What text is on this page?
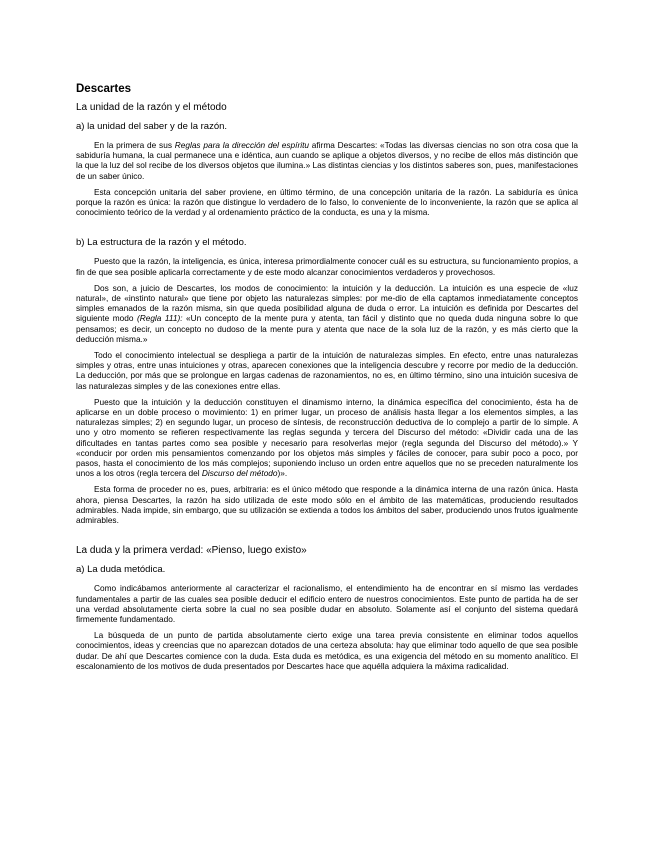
Descartes
La unidad de la razón y el método
a) la unidad del saber y de la razón.

En la primera de sus Reglas para la dirección del espíritu afirma Descartes: «Todas las diversas ciencias no son otra cosa que la sabiduría humana, la cual permanece una e idéntica, aun cuando se aplique a objetos diversos, y no recibe de ellos más distinción que la que la luz del sol recibe de los diversos objetos que ilumina.» Las distintas ciencias y los distintos saberes son, pues, manifestaciones de un saber único.

Esta concepción unitaria del saber proviene, en último término, de una concepción unitaria de la razón. La sabiduría es única porque la razón es única: la razón que distingue lo verdadero de lo falso, lo conveniente de lo inconveniente, la razón que se aplica al conocimiento teórico de la verdad y al ordenamiento práctico de la conducta, es una y la misma.

b) La estructura de la razón y el método.

Puesto que la razón, la inteligencia, es única, interesa primordialmente conocer cuál es su estructura, su funcionamiento propios, a fin de que sea posible aplicarla correctamente y de este modo alcanzar conocimientos verdaderos y provechosos.

Dos son, a juicio de Descartes, los modos de conocimiento: la intuición y la deducción. La intuición es una especie de «luz natural», de «instinto natural» que tiene por objeto las naturalezas simples: por me-dio de ella captamos inmediatamente conceptos simples emanados de la razón misma, sin que queda posibilidad alguna de duda o error. La intuición es definida por Descartes del siguiente modo (Regla 111): «Un concepto de la mente pura y atenta, tan fácil y distinto que no queda duda ninguna sobre lo que pensamos; es decir, un concepto no dudoso de la mente pura y atenta que nace de la sola luz de la razón, y es más cierto que la deducción misma.»

Todo el conocimiento intelectual se despliega a partir de la intuición de naturalezas simples. En efecto, entre unas naturalezas simples y otras, entre unas intuiciones y otras, aparecen conexiones que la inteligencia descubre y recorre por medio de la deducción. La deducción, por más que se prolongue en largas cadenas de razonamientos, no es, en último término, sino una intuición sucesiva de las naturalezas simples y de las conexiones entre ellas.

Puesto que la intuición y la deducción constituyen el dinamismo interno, la dinámica específica del conocimiento, ésta ha de aplicarse en un doble proceso o movimiento: 1) en primer lugar, un proceso de análisis hasta llegar a los elementos simples, a las naturalezas simples; 2) en segundo lugar, un proceso de síntesis, de reconstrucción deductiva de lo complejo a partir de lo simple. A uno y otro momento se refieren respectivamente las reglas segunda y tercera del Discurso del método: «Dividir cada una de las dificultades en tantas partes como sea posible y necesario para resolverlas mejor (regla segunda del Discurso del método).» Y «conducir por orden mis pensamientos comenzando por los objetos más simples y fáciles de conocer, para subir poco a poco, por pasos, hasta el conocimiento de los más complejos; suponiendo incluso un orden entre aquellos que no se preceden naturalmente los unos a los otros (regla tercera del Discurso del método)».

Esta forma de proceder no es, pues, arbitraria: es el único método que responde a la dinámica interna de una razón única. Hasta ahora, piensa Descartes, la razón ha sido utilizada de este modo sólo en el ámbito de las matemáticas, produciendo resultados admirables. Nada impide, sin embargo, que su utilización se extienda a todos los ámbitos del saber, produciendo unos frutos igualmente admirables.

La duda y la primera verdad: «Pienso, luego existo»
a) La duda metódica.

Como indicábamos anteriormente al caracterizar el racionalismo, el entendimiento ha de encontrar en sí mismo las verdades fundamentales a partir de las cuales sea posible deducir el edificio entero de nuestros conocimientos. Este punto de partida ha de ser una verdad absolutamente cierta sobre la cual no sea posible dudar en absoluto. Solamente así el conjunto del sistema quedará firmemente fundamentado.

La búsqueda de un punto de partida absolutamente cierto exige una tarea previa consistente en eliminar todos aquellos conocimientos, ideas y creencias que no aparezcan dotados de una certeza absoluta: hay que eliminar todo aquello de que sea posible dudar. De ahí que Descartes comience con la duda. Esta duda es metódica, es una exigencia del método en su momento analítico. El escalonamiento de los motivos de duda presentados por Descartes hace que aquélla adquiera la máxima radicalidad.
